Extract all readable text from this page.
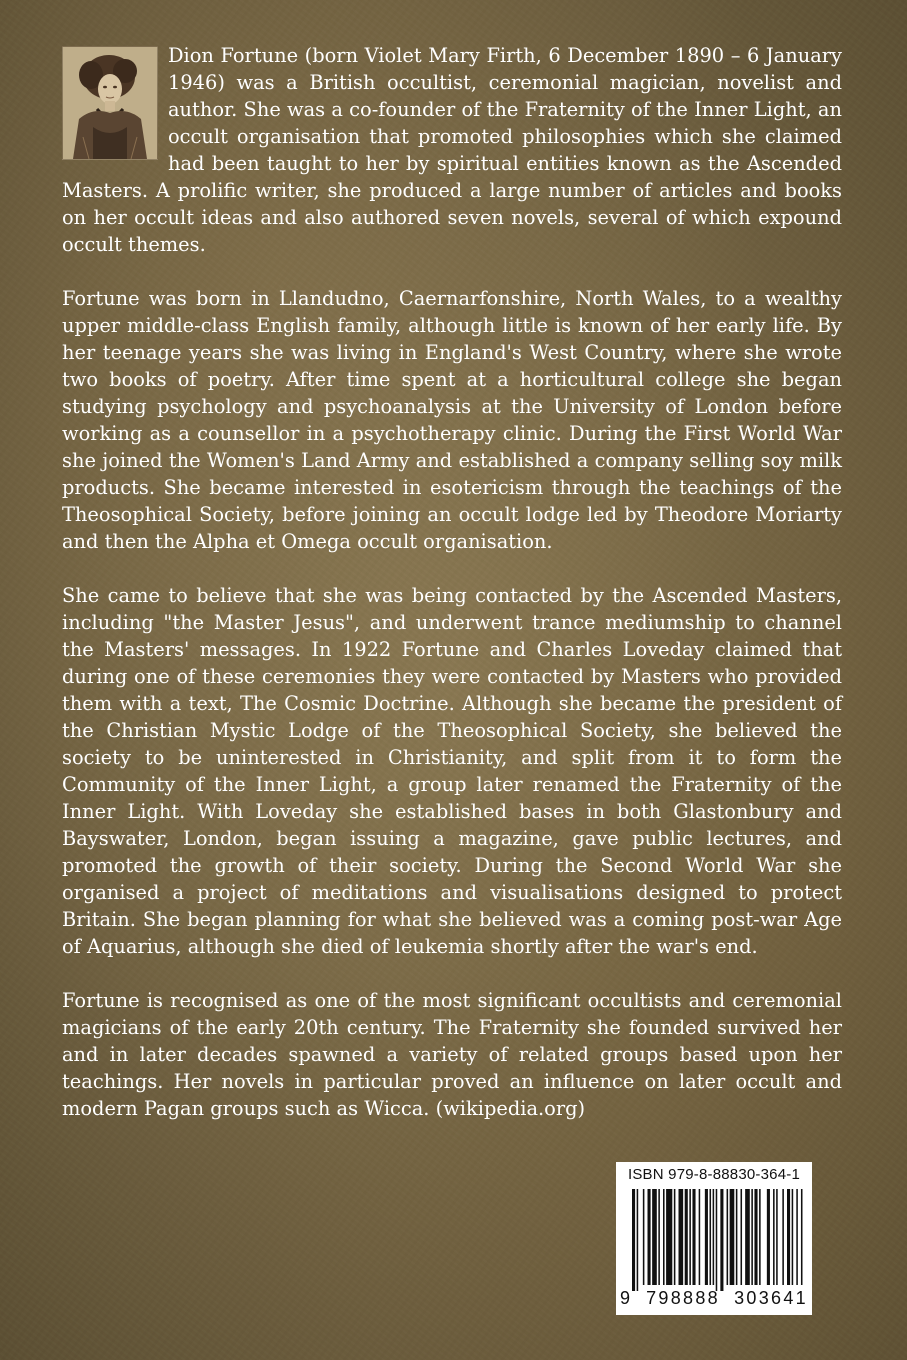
Dion Fortune (born Violet Mary Firth, 6 December 1890 – 6 January 1946) was a British occultist, ceremonial magician, novelist and author. She was a co-founder of the Fraternity of the Inner Light, an occult organisation that promoted philosophies which she claimed had been taught to her by spiritual entities known as the Ascended Masters. A prolific writer, she produced a large number of articles and books on her occult ideas and also authored seven novels, several of which expound occult themes.

Fortune was born in Llandudno, Caernarfonshire, North Wales, to a wealthy upper middle-class English family, although little is known of her early life. By her teenage years she was living in England's West Country, where she wrote two books of poetry. After time spent at a horticultural college she began studying psychology and psychoanalysis at the University of London before working as a counsellor in a psychotherapy clinic. During the First World War she joined the Women's Land Army and established a company selling soy milk products. She became interested in esotericism through the teachings of the Theosophical Society, before joining an occult lodge led by Theodore Moriarty and then the Alpha et Omega occult organisation.

She came to believe that she was being contacted by the Ascended Masters, including "the Master Jesus", and underwent trance mediumship to channel the Masters' messages. In 1922 Fortune and Charles Loveday claimed that during one of these ceremonies they were contacted by Masters who provided them with a text, The Cosmic Doctrine. Although she became the president of the Christian Mystic Lodge of the Theosophical Society, she believed the society to be uninterested in Christianity, and split from it to form the Community of the Inner Light, a group later renamed the Fraternity of the Inner Light. With Loveday she established bases in both Glastonbury and Bayswater, London, began issuing a magazine, gave public lectures, and promoted the growth of their society. During the Second World War she organised a project of meditations and visualisations designed to protect Britain. She began planning for what she believed was a coming post-war Age of Aquarius, although she died of leukemia shortly after the war's end.

Fortune is recognised as one of the most significant occultists and ceremonial magicians of the early 20th century. The Fraternity she founded survived her and in later decades spawned a variety of related groups based upon her teachings. Her novels in particular proved an influence on later occult and modern Pagan groups such as Wicca. (wikipedia.org)

ISBN 979-8-88830-364-1
9 798888 303641
